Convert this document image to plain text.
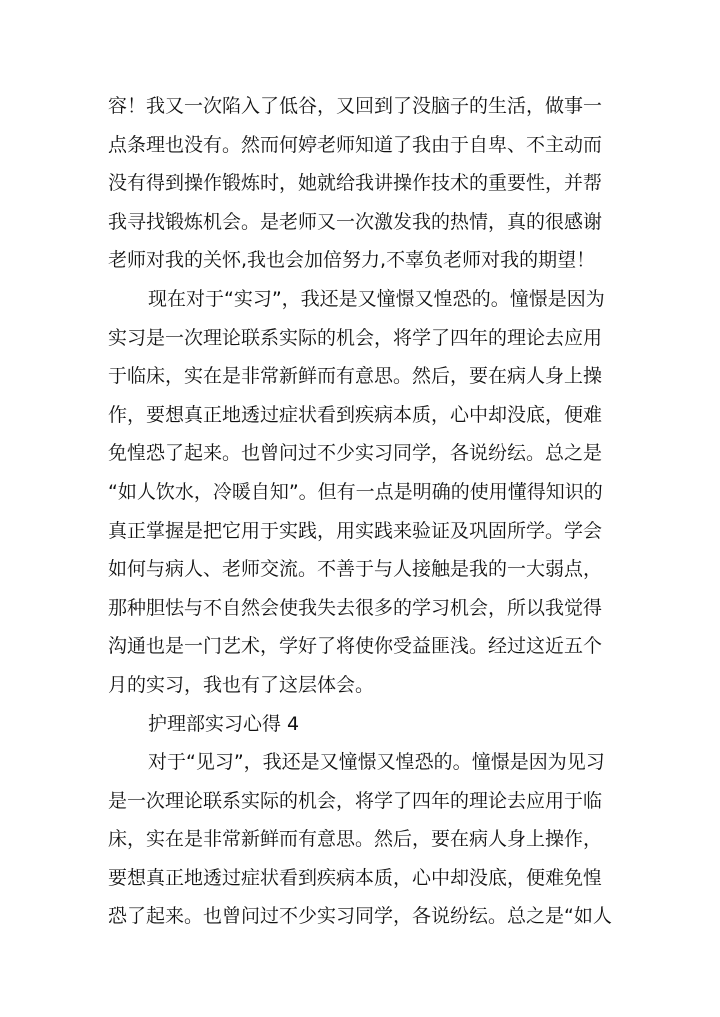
容！我又一次陷入了低谷，又回到了没脑子的生活，做事一
点条理也没有。然而何婷老师知道了我由于自卑、不主动而
没有得到操作锻炼时，她就给我讲操作技术的重要性，并帮
我寻找锻炼机会。是老师又一次激发我的热情，真的很感谢
老师对我的关怀,我也会加倍努力,不辜负老师对我的期望！
现在对于“实习”，我还是又憧憬又惶恐的。憧憬是因为
实习是一次理论联系实际的机会，将学了四年的理论去应用
于临床，实在是非常新鲜而有意思。然后，要在病人身上操
作，要想真正地透过症状看到疾病本质，心中却没底，便难
免惶恐了起来。也曾问过不少实习同学，各说纷纭。总之是
“如人饮水，冷暖自知”。但有一点是明确的使用懂得知识的
真正掌握是把它用于实践，用实践来验证及巩固所学。学会
如何与病人、老师交流。不善于与人接触是我的一大弱点，
那种胆怯与不自然会使我失去很多的学习机会，所以我觉得
沟通也是一门艺术，学好了将使你受益匪浅。经过这近五个
月的实习，我也有了这层体会。
护理部实习心得 4
对于“见习”，我还是又憧憬又惶恐的。憧憬是因为见习
是一次理论联系实际的机会，将学了四年的理论去应用于临
床，实在是非常新鲜而有意思。然后，要在病人身上操作，
要想真正地透过症状看到疾病本质，心中却没底，便难免惶
恐了起来。也曾问过不少实习同学，各说纷纭。总之是“如人
